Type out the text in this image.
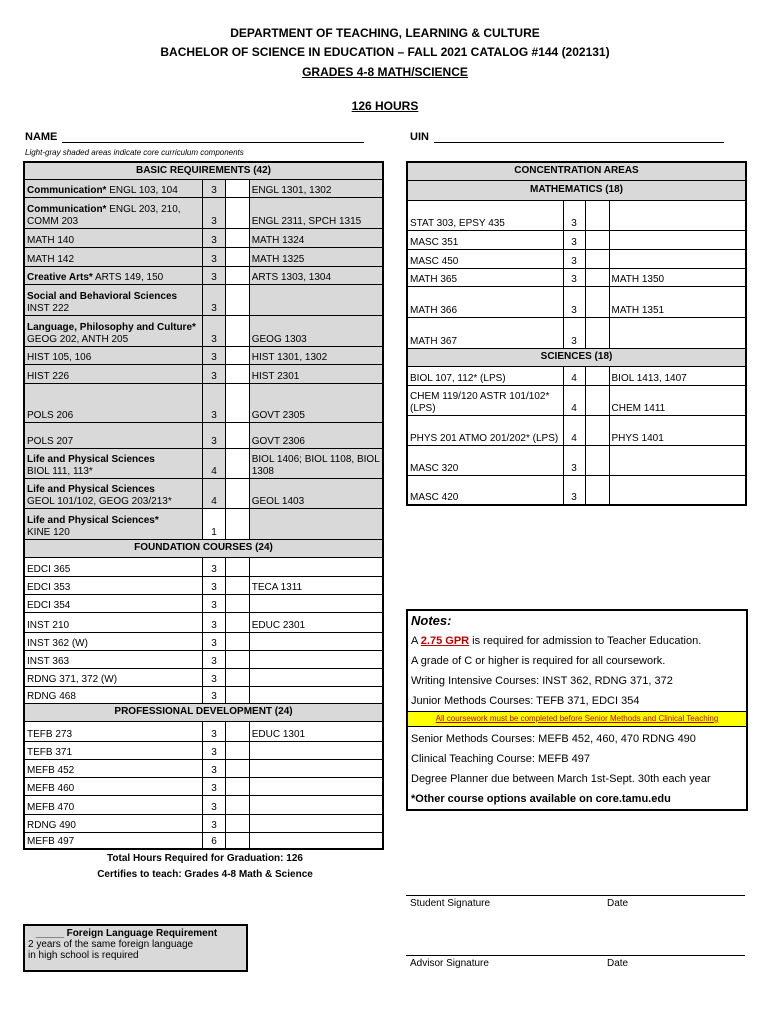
DEPARTMENT OF TEACHING, LEARNING & CULTURE
BACHELOR OF SCIENCE IN EDUCATION – FALL 2021 CATALOG #144 (202131)
GRADES 4-8 MATH/SCIENCE
126 HOURS
NAME	UIN
Light-gray shaded areas indicate core curriculum components
BASIC REQUIREMENTS (42)			
Communication* ENGL 103, 104	3		ENGL 1301, 1302
Communication* ENGL 203, 210, COMM 203	3		ENGL 2311, SPCH 1315
MATH 140	3		MATH 1324
MATH 142	3		MATH 1325
Creative Arts* ARTS 149, 150	3		ARTS 1303, 1304
Social and Behavioral Sciences
INST 222	3		
Language, Philosophy and Culture*
GEOG 202, ANTH 205	3		GEOG 1303
HIST 105, 106	3		HIST 1301, 1302
HIST 226	3		HIST 2301
POLS 206	3		GOVT 2305
POLS 207	3		GOVT 2306
Life and Physical Sciences
BIOL 111, 113*	4		BIOL 1406; BIOL 1108, BIOL 1308
Life and Physical Sciences
GEOL 101/102, GEOG 203/213*	4		GEOL 1403
Life and Physical Sciences*
KINE 120	1		
FOUNDATION COURSES (24)			
EDCI 365	3		
EDCI 353	3		TECA 1311
EDCI 354	3		
INST 210	3		EDUC 2301
INST 362 (W)	3		
INST 363	3		
RDNG 371, 372 (W)	3		
RDNG 468	3		
PROFESSIONAL DEVELOPMENT (24)			
TEFB 273	3		EDUC 1301
TEFB 371	3		
MEFB 452	3		
MEFB 460	3		
MEFB 470	3		
RDNG 490	3		
MEFB 497	6		
Total Hours Required for Graduation: 126
Certifies to teach: Grades 4-8 Math & Science
CONCENTRATION AREAS			
MATHEMATICS (18)			
STAT 303, EPSY 435	3		
MASC 351	3		
MASC 450	3		
MATH 365	3		MATH 1350
MATH 366	3		MATH 1351
MATH 367	3		
SCIENCES (18)			
BIOL 107, 112* (LPS)	4		BIOL 1413, 1407
CHEM 119/120 ASTR 101/102* (LPS)	4		CHEM 1411
PHYS 201 ATMO 201/202* (LPS)	4		PHYS 1401
MASC 320	3		
MASC 420	3		
Notes:
A 2.75 GPR is required for admission to Teacher Education.
A grade of C or higher is required for all coursework.
Writing Intensive Courses: INST 362, RDNG 371, 372
Junior Methods Courses: TEFB 371, EDCI 354
All coursework must be completed before Senior Methods and Clinical Teaching
Senior Methods Courses: MEFB 452, 460, 470 RDNG 490
Clinical Teaching Course: MEFB 497
Degree Planner due between March 1st-Sept. 30th each year
*Other course options available on core.tamu.edu
Student Signature	Date
Advisor Signature	Date
_____ Foreign Language Requirement
2 years of the same foreign language
in high school is required
